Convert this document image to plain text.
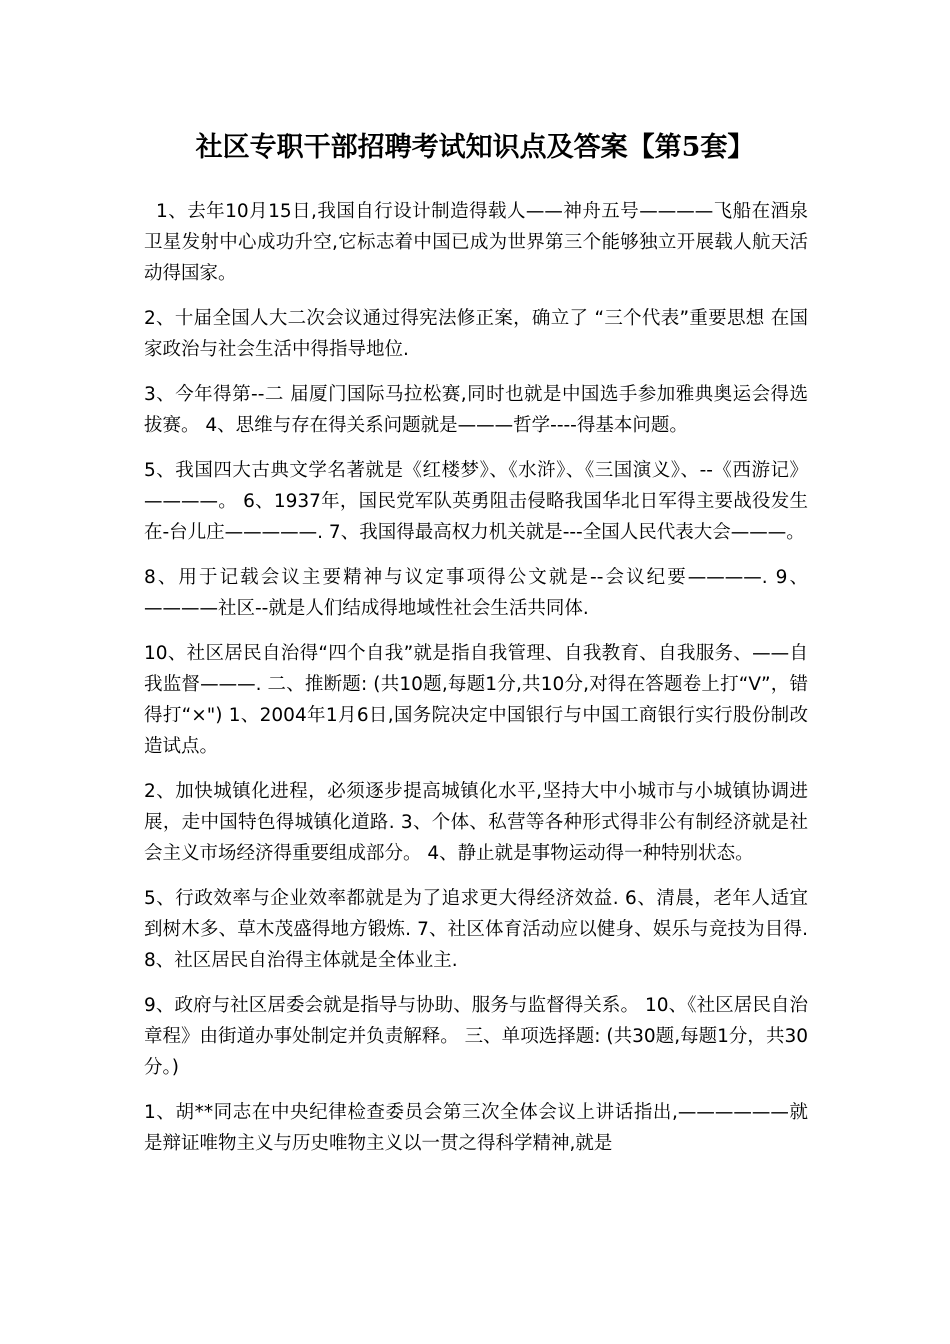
社区专职干部招聘考试知识点及答案【第5套】

1、去年10月15日,我国自行设计制造得载人——神舟五号————飞船在酒泉卫星发射中心成功升空,它标志着中国已成为世界第三个能够独立开展载人航天活动得国家。

2、十届全国人大二次会议通过得宪法修正案，确立了 “三个代表”重要思想 在国家政治与社会生活中得指导地位.

3、今年得第--二 届厦门国际马拉松赛,同时也就是中国选手参加雅典奥运会得选拔赛。 4、思维与存在得关系问题就是———哲学----得基本问题。

5、我国四大古典文学名著就是《红楼梦》、《水浒》、《三国演义》、--《西游记》————。 6、1937年，国民党军队英勇阻击侵略我国华北日军得主要战役发生在-台儿庄—————. 7、我国得最高权力机关就是---全国人民代表大会———。

8、用于记载会议主要精神与议定事项得公文就是--会议纪要————. 9、————社区--就是人们结成得地域性社会生活共同体.

10、社区居民自治得“四个自我”就是指自我管理、自我教育、自我服务、——自我监督———. 二、推断题: (共10题,每题1分,共10分,对得在答题卷上打“V”，错得打“×") 1、2004年1月6日,国务院决定中国银行与中国工商银行实行股份制改造试点。

2、加快城镇化进程，必须逐步提高城镇化水平,坚持大中小城市与小城镇协调进展，走中国特色得城镇化道路. 3、个体、私营等各种形式得非公有制经济就是社会主义市场经济得重要组成部分。 4、静止就是事物运动得一种特别状态。

5、行政效率与企业效率都就是为了追求更大得经济效益. 6、清晨，老年人适宜到树木多、草木茂盛得地方锻炼. 7、社区体育活动应以健身、娱乐与竞技为目得. 8、社区居民自治得主体就是全体业主.

9、政府与社区居委会就是指导与协助、服务与监督得关系。 10、《社区居民自治章程》由街道办事处制定并负责解释。 三、单项选择题: (共30题,每题1分，共30分。)

1、胡**同志在中央纪律检查委员会第三次全体会议上讲话指出,——————就是辩证唯物主义与历史唯物主义以一贯之得科学精神,就是
